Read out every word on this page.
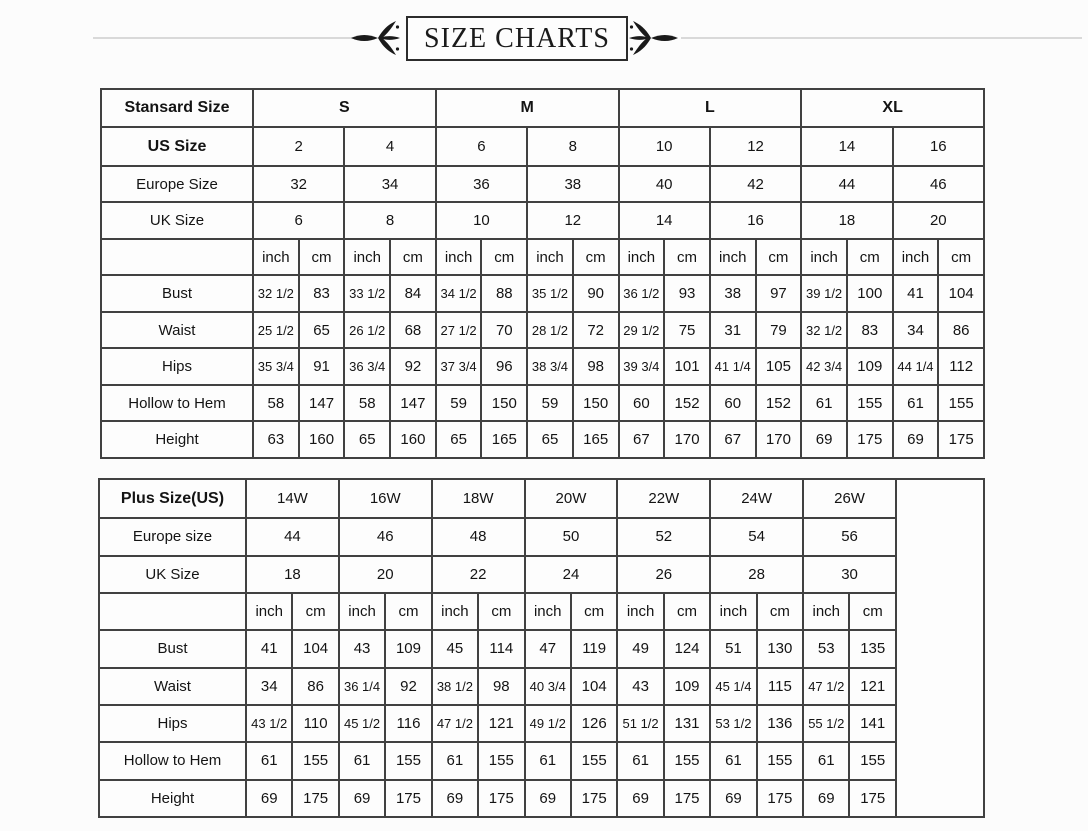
SIZE CHARTS
Stansard Size	S				M				L				XL			
US Size	2		4		6		8		10		12		14		16	
Europe Size	32		34		36		38		40		42		44		46	
UK Size	6		8		10		12		14		16		18		20	
	inch	cm	inch	cm	inch	cm	inch	cm	inch	cm	inch	cm	inch	cm	inch	cm
Bust	32 1/2	83	33 1/2	84	34 1/2	88	35 1/2	90	36 1/2	93	38	97	39 1/2	100	41	104
Waist	25 1/2	65	26 1/2	68	27 1/2	70	28 1/2	72	29 1/2	75	31	79	32 1/2	83	34	86
Hips	35 3/4	91	36 3/4	92	37 3/4	96	38 3/4	98	39 3/4	101	41 1/4	105	42 3/4	109	44 1/4	112
Hollow to Hem	58	147	58	147	59	150	59	150	60	152	60	152	61	155	61	155
Height	63	160	65	160	65	165	65	165	67	170	67	170	69	175	69	175
Plus Size(US)	14W		16W		18W		20W		22W		24W		26W		
Europe size	44		46		48		50		52		54		56		
UK Size	18		20		22		24		26		28		30		
	inch	cm	inch	cm	inch	cm	inch	cm	inch	cm	inch	cm	inch	cm	
Bust	41	104	43	109	45	114	47	119	49	124	51	130	53	135	
Waist	34	86	36 1/4	92	38 1/2	98	40 3/4	104	43	109	45 1/4	115	47 1/2	121	
Hips	43 1/2	110	45 1/2	116	47 1/2	121	49 1/2	126	51 1/2	131	53 1/2	136	55 1/2	141	
Hollow to Hem	61	155	61	155	61	155	61	155	61	155	61	155	61	155	
Height	69	175	69	175	69	175	69	175	69	175	69	175	69	175	
